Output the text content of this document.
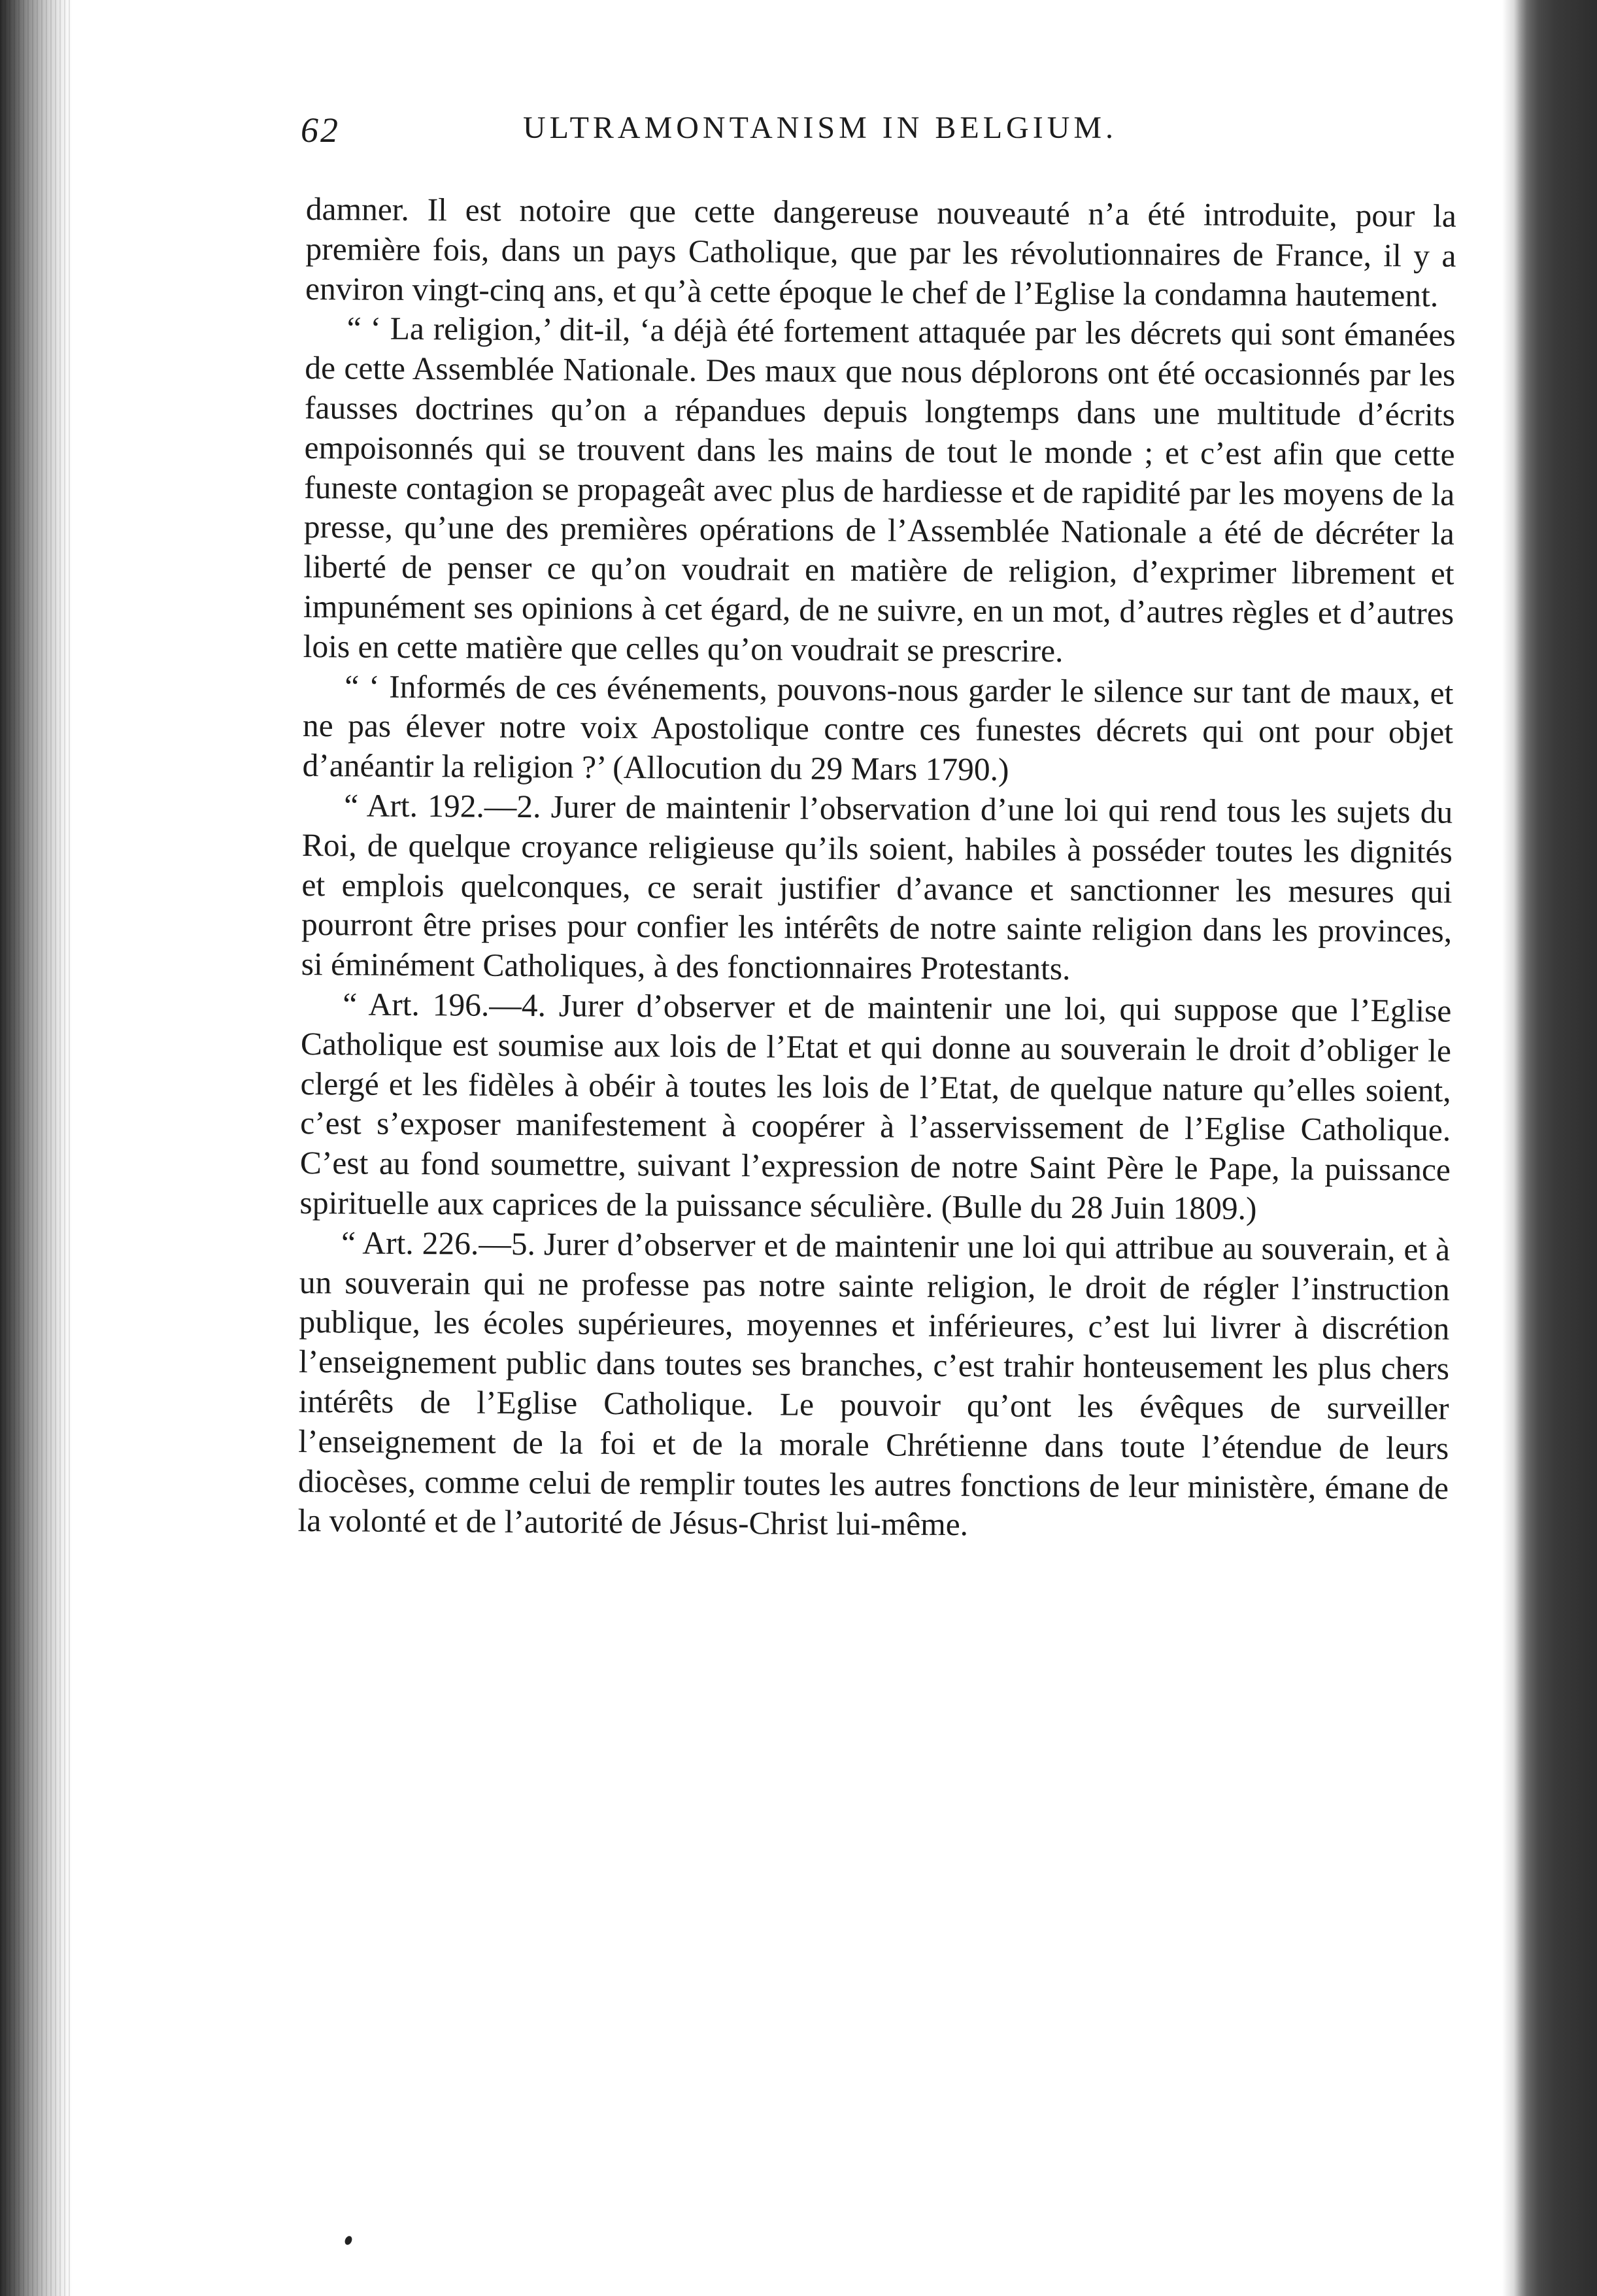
62	ULTRAMONTANISM IN BELGIUM.

damner. Il est notoire que cette dangereuse nouveauté n’a été introduite, pour la première fois, dans un pays Catholique, que par les révolutionnaires de France, il y a environ vingt-cinq ans, et qu’à cette époque le chef de l’Eglise la condamna hautement.

“ ‘ La religion,’ dit-il, ‘a déjà été fortement attaquée par les décrets qui sont émanées de cette Assemblée Nationale. Des maux que nous déplorons ont été occasionnés par les fausses doctrines qu’on a répandues depuis longtemps dans une multitude d’écrits empoisonnés qui se trouvent dans les mains de tout le monde ; et c’est afin que cette funeste contagion se propageât avec plus de hardiesse et de rapidité par les moyens de la presse, qu’une des premières opérations de l’Assemblée Nationale a été de décréter la liberté de penser ce qu’on voudrait en matière de religion, d’exprimer librement et impunément ses opinions à cet égard, de ne suivre, en un mot, d’autres règles et d’autres lois en cette matière que celles qu’on voudrait se prescrire.

“ ‘ Informés de ces événements, pouvons-nous garder le silence sur tant de maux, et ne pas élever notre voix Apostolique contre ces funestes décrets qui ont pour objet d’anéantir la religion ?’ (Allocution du 29 Mars 1790.)

“ Art. 192.—2. Jurer de maintenir l’observation d’une loi qui rend tous les sujets du Roi, de quelque croyance religieuse qu’ils soient, habiles à posséder toutes les dignités et emplois quelconques, ce serait justifier d’avance et sanctionner les mesures qui pourront être prises pour confier les intérêts de notre sainte religion dans les provinces, si éminément Catholiques, à des fonctionnaires Protestants.

“ Art. 196.—4. Jurer d’observer et de maintenir une loi, qui suppose que l’Eglise Catholique est soumise aux lois de l’Etat et qui donne au souverain le droit d’obliger le clergé et les fidèles à obéir à toutes les lois de l’Etat, de quelque nature qu’elles soient, c’est s’exposer manifestement à coopérer à l’asservissement de l’Eglise Catholique. C’est au fond soumettre, suivant l’expression de notre Saint Père le Pape, la puissance spirituelle aux caprices de la puissance séculière. (Bulle du 28 Juin 1809.)

“ Art. 226.—5. Jurer d’observer et de maintenir une loi qui attribue au souverain, et à un souverain qui ne professe pas notre sainte religion, le droit de régler l’instruction publique, les écoles supérieures, moyennes et inférieures, c’est lui livrer à discrétion l’enseignement public dans toutes ses branches, c’est trahir honteusement les plus chers intérêts de l’Eglise Catholique. Le pouvoir qu’ont les évêques de surveiller l’enseignement de la foi et de la morale Chrétienne dans toute l’étendue de leurs diocèses, comme celui de remplir toutes les autres fonctions de leur ministère, émane de la volonté et de l’autorité de Jésus-Christ lui-même.
